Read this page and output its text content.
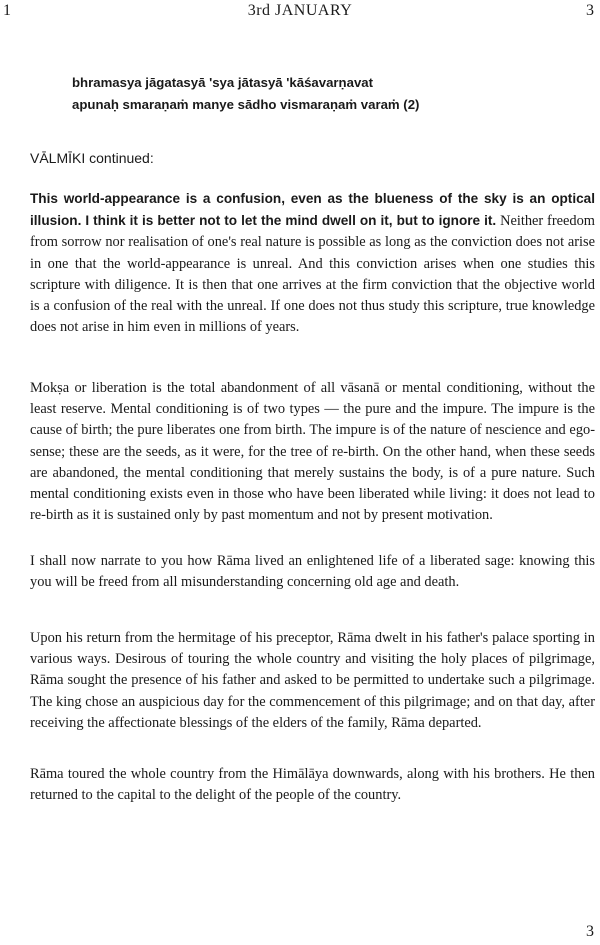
1	3rd JANUARY	3
bhramasya jāgatasyā 'sya jātasyā 'kāśavarṇavat
apunaḥ smaraṇaṁ manye sādho vismaraṇaṁ varaṁ (2)
VĀLMĪKI continued:

This world-appearance is a confusion, even as the blueness of the sky is an optical illusion. I think it is better not to let the mind dwell on it, but to ignore it. Neither freedom from sorrow nor realisation of one's real nature is possible as long as the conviction does not arise in one that the world-appearance is unreal. And this conviction arises when one studies this scripture with diligence. It is then that one arrives at the firm conviction that the objective world is a confusion of the real with the unreal. If one does not thus study this scripture, true knowledge does not arise in him even in millions of years.

Mokṣa or liberation is the total abandonment of all vāsanā or mental conditioning, without the least reserve. Mental conditioning is of two types — the pure and the impure. The impure is the cause of birth; the pure liberates one from birth. The impure is of the nature of nescience and ego-sense; these are the seeds, as it were, for the tree of re-birth. On the other hand, when these seeds are abandoned, the mental conditioning that merely sustains the body, is of a pure nature. Such mental conditioning exists even in those who have been liberated while living: it does not lead to re-birth as it is sustained only by past momentum and not by present motivation.

I shall now narrate to you how Rāma lived an enlightened life of a liberated sage: knowing this you will be freed from all misunderstanding concerning old age and death.

Upon his return from the hermitage of his preceptor, Rāma dwelt in his father's palace sporting in various ways. Desirous of touring the whole country and visiting the holy places of pilgrimage, Rāma sought the presence of his father and asked to be permitted to undertake such a pilgrimage. The king chose an auspicious day for the commencement of this pilgrimage; and on that day, after receiving the affectionate blessings of the elders of the family, Rāma departed.

Rāma toured the whole country from the Himālāya downwards, along with his brothers. He then returned to the capital to the delight of the people of the country.

3
